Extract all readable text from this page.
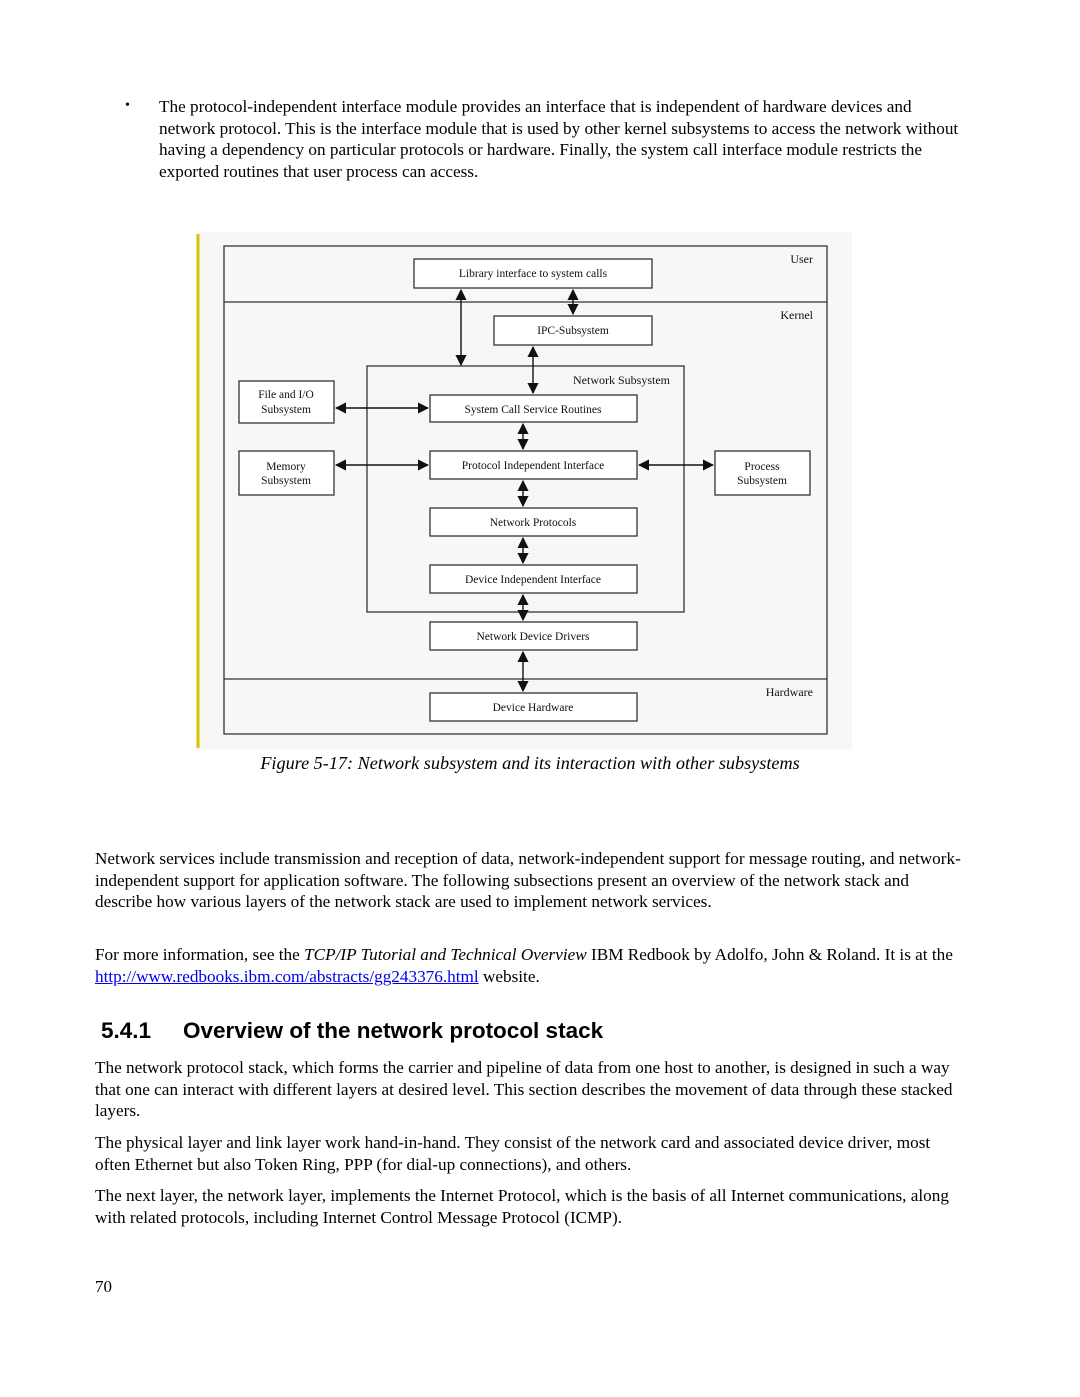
• The protocol-independent interface module provides an interface that is independent of hardware devices and network protocol. This is the interface module that is used by other kernel subsystems to access the network without having a dependency on particular protocols or hardware. Finally, the system call interface module restricts the exported routines that user process can access.

User
Kernel
Hardware
Network Subsystem
Library interface to system calls
IPC-Subsystem
File and I/O
Subsystem
Memory
Subsystem
Process
Subsystem
System Call Service Routines
Protocol Independent Interface
Network Protocols
Device Independent Interface
Network Device Drivers
Device Hardware
Figure 5-17: Network subsystem and its interaction with other subsystems

Network services include transmission and reception of data, network-independent support for message routing, and network-independent support for application software. The following subsections present an overview of the network stack and describe how various layers of the network stack are used to implement network services.

For more information, see the TCP/IP Tutorial and Technical Overview IBM Redbook by Adolfo, John & Roland. It is at the http://www.redbooks.ibm.com/abstracts/gg243376.html website.

5.4.1 Overview of the network protocol stack

The network protocol stack, which forms the carrier and pipeline of data from one host to another, is designed in such a way that one can interact with different layers at desired level. This section describes the movement of data through these stacked layers.

The physical layer and link layer work hand-in-hand. They consist of the network card and associated device driver, most often Ethernet but also Token Ring, PPP (for dial-up connections), and others.

The next layer, the network layer, implements the Internet Protocol, which is the basis of all Internet communications, along with related protocols, including Internet Control Message Protocol (ICMP).

70
